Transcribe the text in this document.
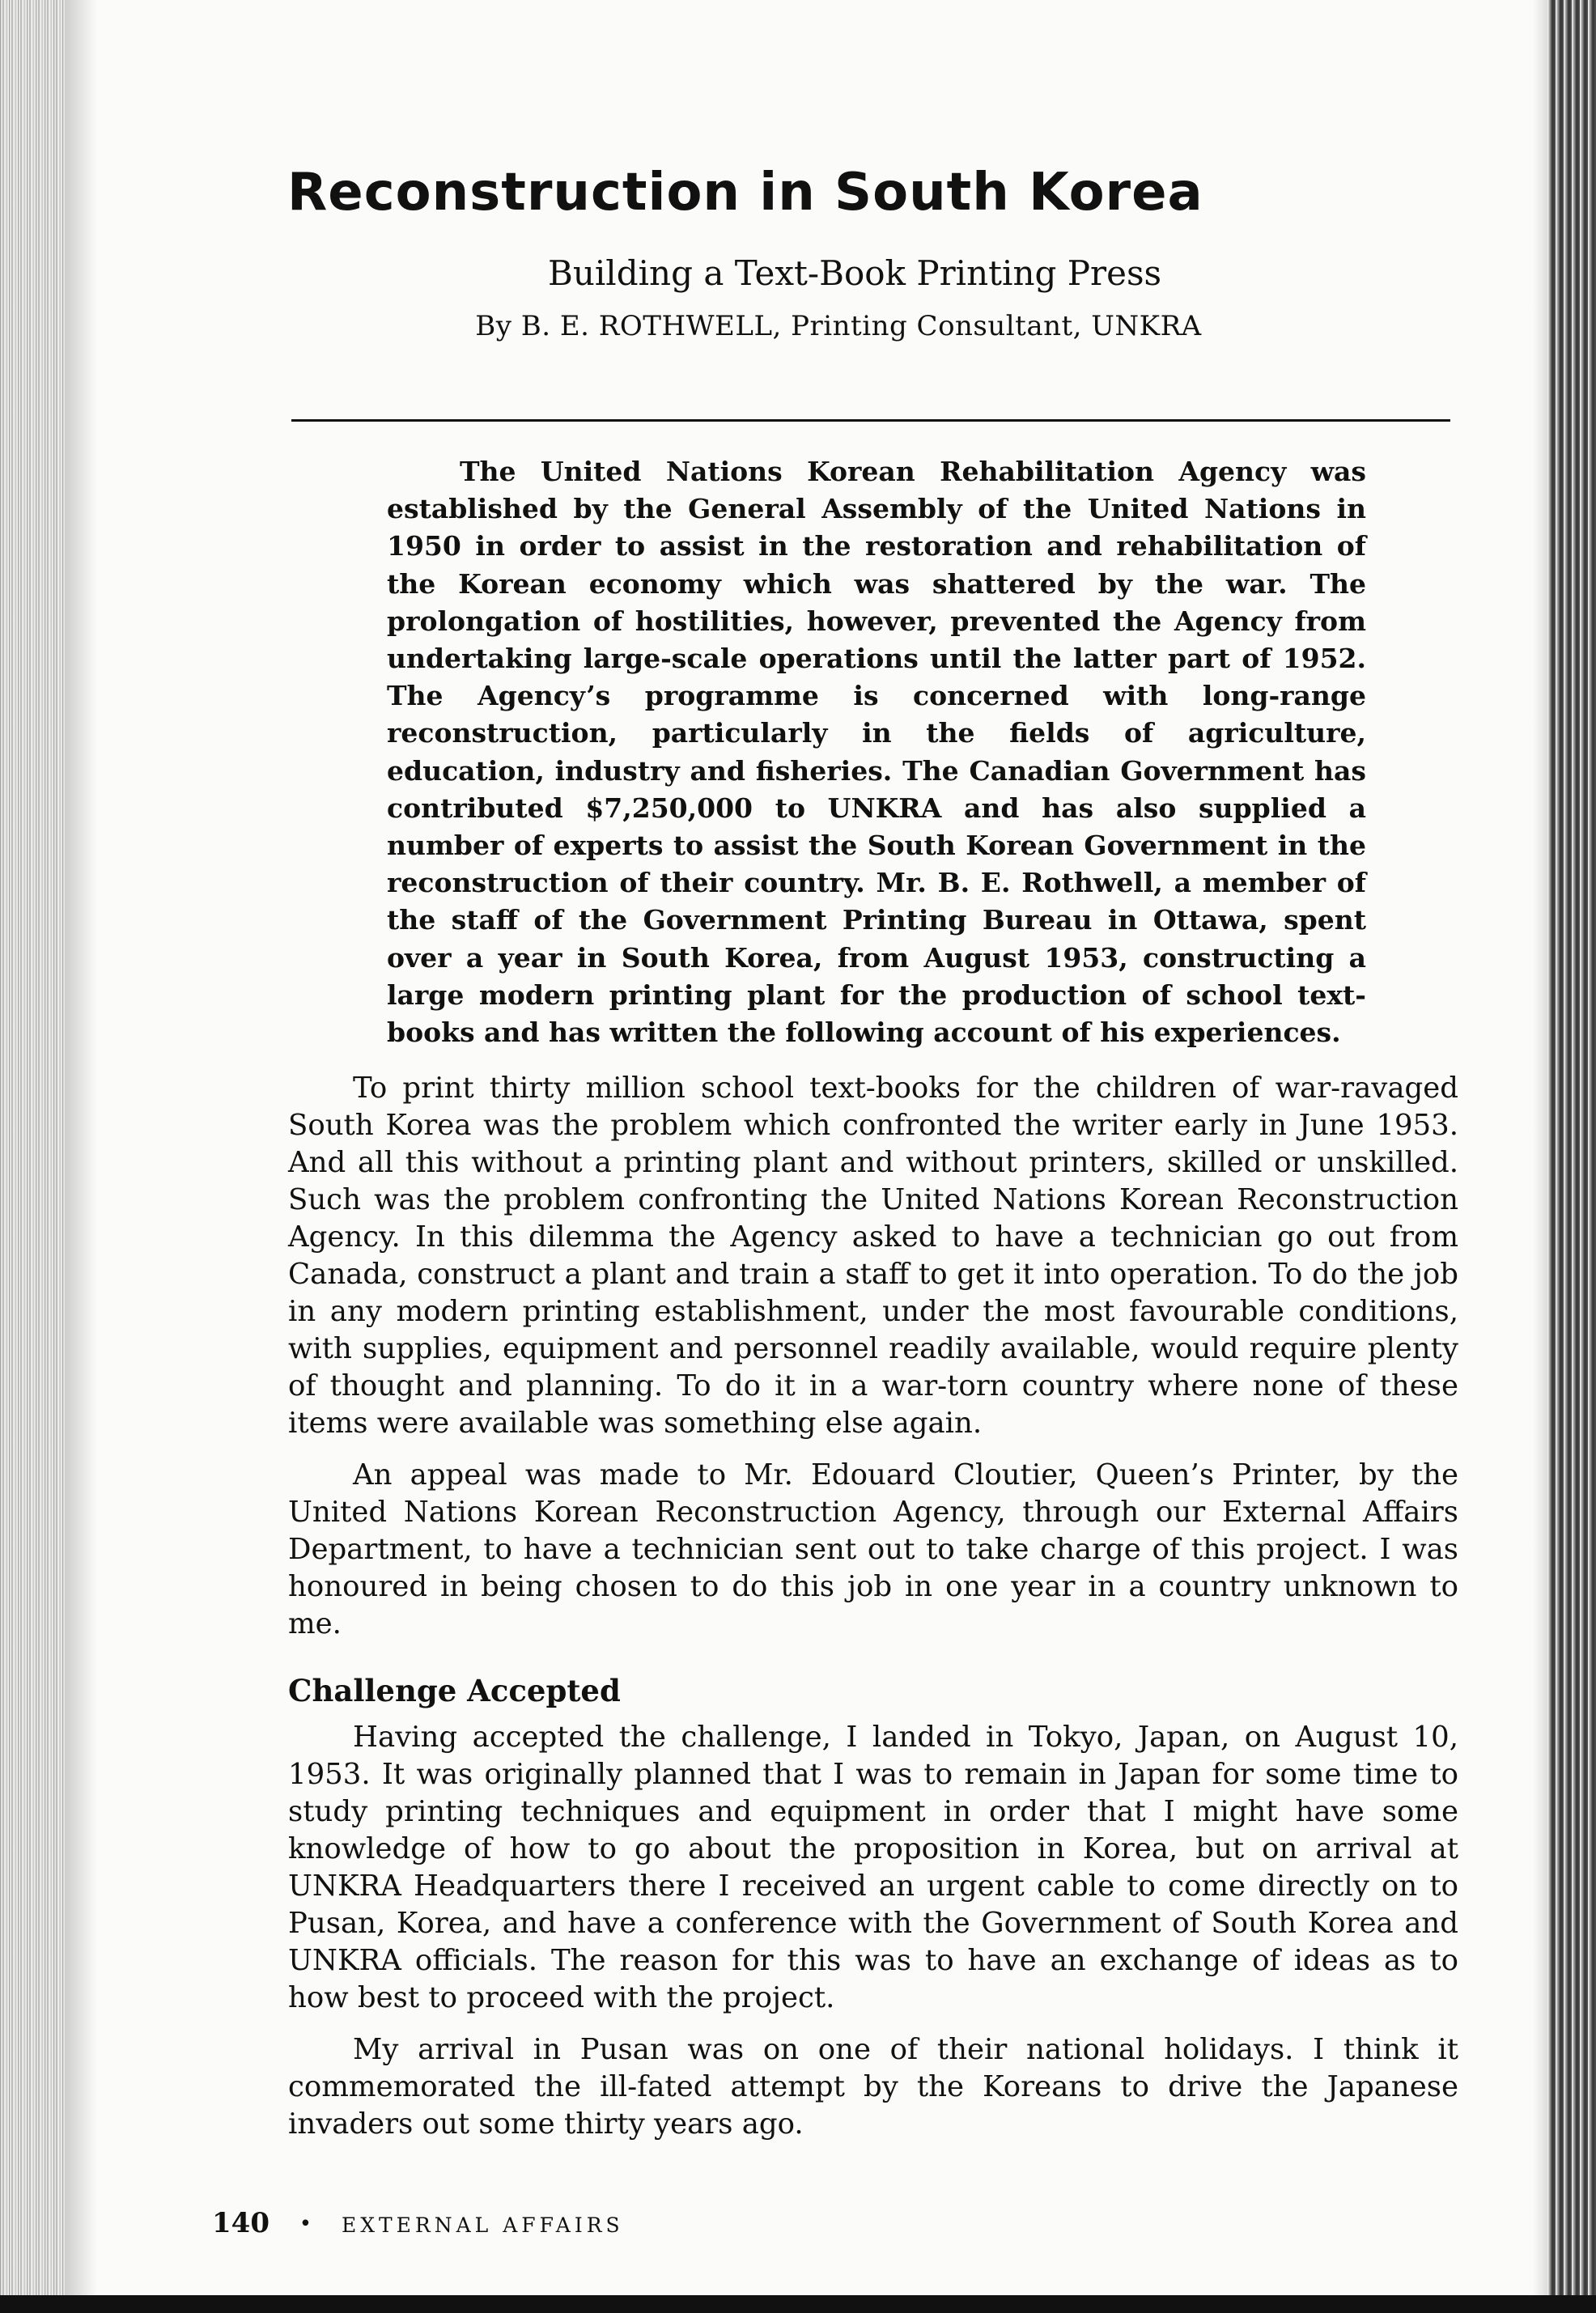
Reconstruction in South Korea
Building a Text-Book Printing Press
By B. E. ROTHWELL, Printing Consultant, UNKRA

The United Nations Korean Rehabilitation Agency was established by the General Assembly of the United Nations in 1950 in order to assist in the restoration and rehabilitation of the Korean economy which was shattered by the war. The prolongation of hostilities, however, prevented the Agency from undertaking large-scale operations until the latter part of 1952. The Agency’s programme is concerned with long-range reconstruction, particularly in the fields of agriculture, education, industry and fisheries. The Canadian Government has contributed $7,250,000 to UNKRA and has also supplied a number of experts to assist the South Korean Government in the reconstruction of their country. Mr. B. E. Rothwell, a member of the staff of the Government Printing Bureau in Ottawa, spent over a year in South Korea, from August 1953, constructing a large modern printing plant for the production of school text-books and has written the following account of his experiences.

To print thirty million school text-books for the children of war-ravaged South Korea was the problem which confronted the writer early in June 1953. And all this without a printing plant and without printers, skilled or unskilled. Such was the problem confronting the United Nations Korean Reconstruction Agency. In this dilemma the Agency asked to have a technician go out from Canada, construct a plant and train a staff to get it into operation. To do the job in any modern printing establishment, under the most favourable conditions, with supplies, equipment and personnel readily available, would require plenty of thought and planning. To do it in a war-torn country where none of these items were available was something else again.

An appeal was made to Mr. Edouard Cloutier, Queen’s Printer, by the United Nations Korean Reconstruction Agency, through our External Affairs Department, to have a technician sent out to take charge of this project. I was honoured in being chosen to do this job in one year in a country unknown to me.

Challenge Accepted

Having accepted the challenge, I landed in Tokyo, Japan, on August 10, 1953. It was originally planned that I was to remain in Japan for some time to study printing techniques and equipment in order that I might have some knowledge of how to go about the proposition in Korea, but on arrival at UNKRA Headquarters there I received an urgent cable to come directly on to Pusan, Korea, and have a conference with the Government of South Korea and UNKRA officials. The reason for this was to have an exchange of ideas as to how best to proceed with the project.

My arrival in Pusan was on one of their national holidays. I think it commemorated the ill-fated attempt by the Koreans to drive the Japanese invaders out some thirty years ago.

140 • EXTERNAL AFFAIRS
